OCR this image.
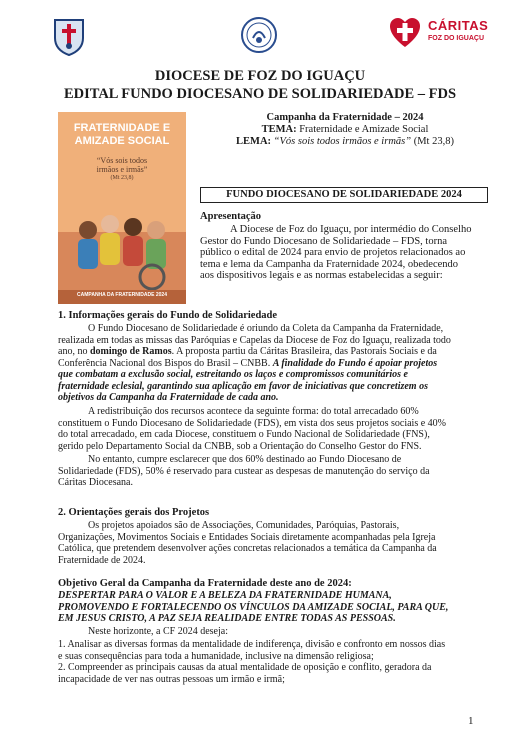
CÁRITAS
FOZ DO IGUAÇU
DIOCESE DE FOZ DO IGUAÇU
EDITAL FUNDO DIOCESANO DE SOLIDARIEDADE – FDS
FRATERNIDADE E
AMIZADE SOCIAL
“Vós sois todos
irmãos e irmãs”
(Mt 23,8)
CAMPANHA DA FRATERNIDADE 2024
Campanha da Fraternidade – 2024
TEMA: Fraternidade e Amizade Social
LEMA: “Vós sois todos irmãos e irmãs” (Mt 23,8)
FUNDO DIOCESANO DE SOLIDARIEDADE 2024
Apresentação
A Diocese de Foz do Iguaçu, por intermédio do Conselho
Gestor do Fundo Diocesano de Solidariedade – FDS, torna
público o edital de 2024 para envio de projetos relacionados ao
tema e lema da Campanha da Fraternidade 2024, obedecendo
aos dispositivos legais e as normas estabelecidas a seguir:
1. Informações gerais do Fundo de Solidariedade
O Fundo Diocesano de Solidariedade é oriundo da Coleta da Campanha da Fraternidade,
realizada em todas as missas das Paróquias e Capelas da Diocese de Foz do Iguaçu, realizada todo
ano, no domingo de Ramos. A proposta partiu da Cáritas Brasileira, das Pastorais Sociais e da
Conferência Nacional dos Bispos do Brasil – CNBB. A finalidade do Fundo é apoiar projetos
que combatam a exclusão social, estreitando os laços e compromissos comunitários e
fraternidade eclesial, garantindo sua aplicação em favor de iniciativas que concretizem os
objetivos da Campanha da Fraternidade de cada ano.
A redistribuição dos recursos acontece da seguinte forma: do total arrecadado 60%
constituem o Fundo Diocesano de Solidariedade (FDS), em vista dos seus projetos sociais e 40%
do total arrecadado, em cada Diocese, constituem o Fundo Nacional de Solidariedade (FNS),
gerido pelo Departamento Social da CNBB, sob a Orientação do Conselho Gestor do FNS.
No entanto, cumpre esclarecer que dos 60% destinado ao Fundo Diocesano de
Solidariedade (FDS), 50% é reservado para custear as despesas de manutenção do serviço da
Cáritas Diocesana.
2. Orientações gerais dos Projetos
Os projetos apoiados são de Associações, Comunidades, Paróquias, Pastorais,
Organizações, Movimentos Sociais e Entidades Sociais diretamente acompanhadas pela Igreja
Católica, que pretendem desenvolver ações concretas relacionados a temática da Campanha da
Fraternidade de 2024.
Objetivo Geral da Campanha da Fraternidade deste ano de 2024:
DESPERTAR PARA O VALOR E A BELEZA DA FRATERNIDADE HUMANA,
PROMOVENDO E FORTALECENDO OS VÍNCULOS DA AMIZADE SOCIAL, PARA QUE,
EM JESUS CRISTO, A PAZ SEJA REALIDADE ENTRE TODAS AS PESSOAS.
Neste horizonte, a CF 2024 deseja:
1. Analisar as diversas formas da mentalidade de indiferença, divisão e confronto em nossos dias
e suas consequências para toda a humanidade, inclusive na dimensão religiosa;
2. Compreender as principais causas da atual mentalidade de oposição e conflito, geradora da
incapacidade de ver nas outras pessoas um irmão e irmã;
1
